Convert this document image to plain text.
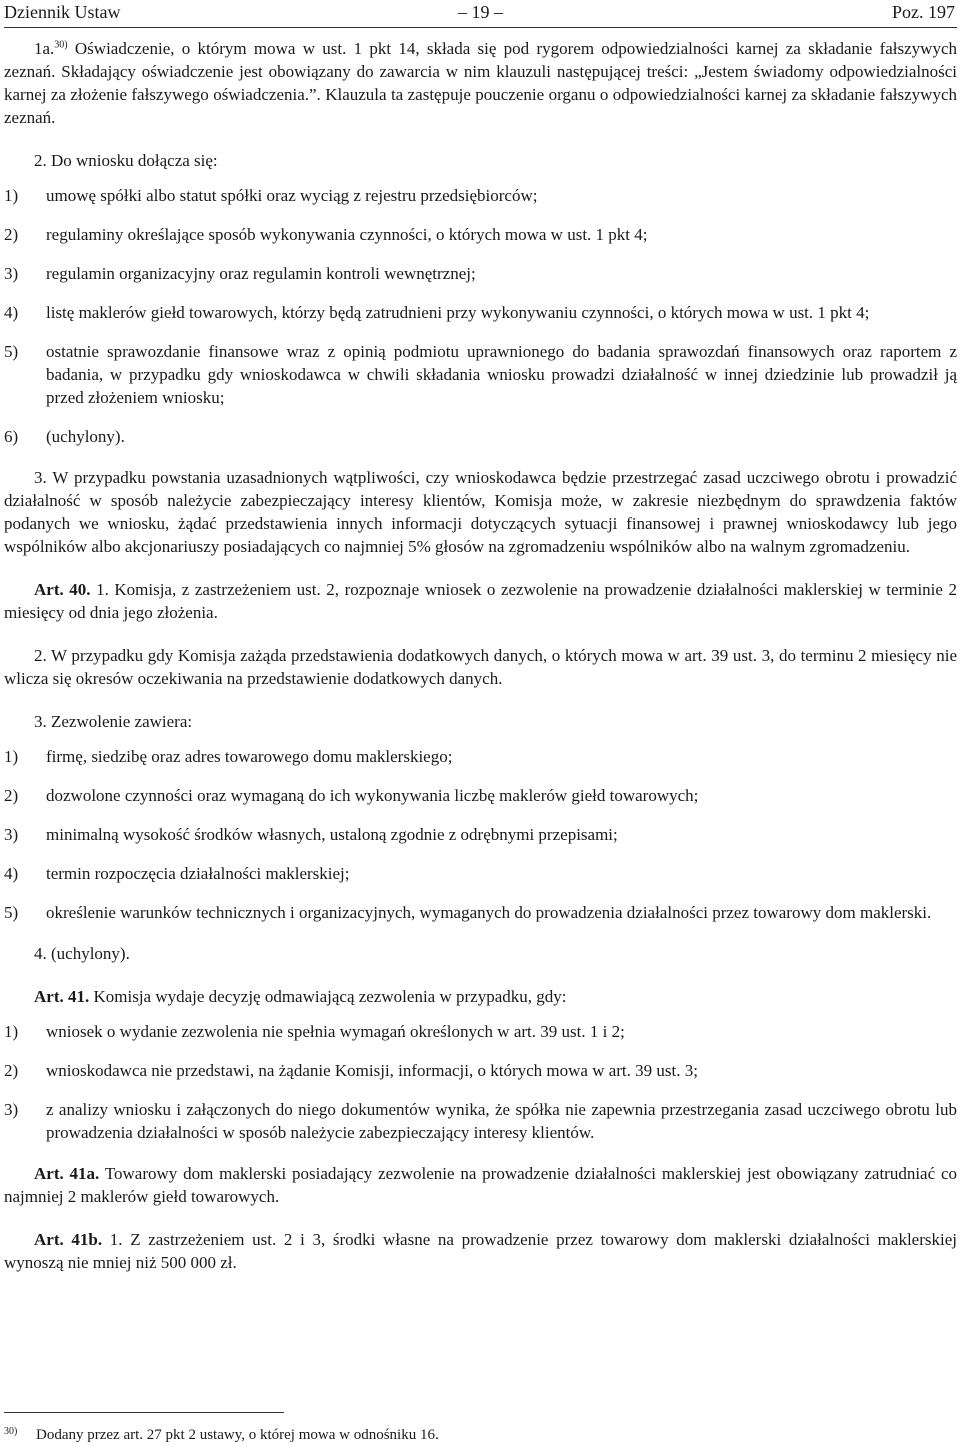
Dziennik Ustaw	– 19 –	Poz. 197

1a.$^{30)}$ Oświadczenie, o którym mowa w ust. 1 pkt 14, składa się pod rygorem odpowiedzialności karnej za składanie fałszywych zeznań. Składający oświadczenie jest obowiązany do zawarcia w nim klauzuli następującej treści: „Jestem świadomy odpowiedzialności karnej za złożenie fałszywego oświadczenia.”. Klauzula ta zastępuje pouczenie organu o odpowiedzialności karnej za składanie fałszywych zeznań.

2. Do wniosku dołącza się:

1)	umowę spółki albo statut spółki oraz wyciąg z rejestru przedsiębiorców;
2)	regulaminy określające sposób wykonywania czynności, o których mowa w ust. 1 pkt 4;
3)	regulamin organizacyjny oraz regulamin kontroli wewnętrznej;
4)	listę maklerów giełd towarowych, którzy będą zatrudnieni przy wykonywaniu czynności, o których mowa w ust. 1 pkt 4;
5)	ostatnie sprawozdanie finansowe wraz z opinią podmiotu uprawnionego do badania sprawozdań finansowych oraz raportem z badania, w przypadku gdy wnioskodawca w chwili składania wniosku prowadzi działalność w innej dziedzinie lub prowadził ją przed złożeniem wniosku;
6)	(uchylony).

3. W przypadku powstania uzasadnionych wątpliwości, czy wnioskodawca będzie przestrzegać zasad uczciwego obrotu i prowadzić działalność w sposób należycie zabezpieczający interesy klientów, Komisja może, w zakresie niezbędnym do sprawdzenia faktów podanych we wniosku, żądać przedstawienia innych informacji dotyczących sytuacji finansowej i prawnej wnioskodawcy lub jego wspólników albo akcjonariuszy posiadających co najmniej 5% głosów na zgromadzeniu wspólników albo na walnym zgromadzeniu.

Art. 40. 1. Komisja, z zastrzeżeniem ust. 2, rozpoznaje wniosek o zezwolenie na prowadzenie działalności maklerskiej w terminie 2 miesięcy od dnia jego złożenia.

2. W przypadku gdy Komisja zażąda przedstawienia dodatkowych danych, o których mowa w art. 39 ust. 3, do terminu 2 miesięcy nie wlicza się okresów oczekiwania na przedstawienie dodatkowych danych.

3. Zezwolenie zawiera:

1)	firmę, siedzibę oraz adres towarowego domu maklerskiego;
2)	dozwolone czynności oraz wymaganą do ich wykonywania liczbę maklerów giełd towarowych;
3)	minimalną wysokość środków własnych, ustaloną zgodnie z odrębnymi przepisami;
4)	termin rozpoczęcia działalności maklerskiej;
5)	określenie warunków technicznych i organizacyjnych, wymaganych do prowadzenia działalności przez towarowy dom maklerski.

4. (uchylony).

Art. 41. Komisja wydaje decyzję odmawiającą zezwolenia w przypadku, gdy:

1)	wniosek o wydanie zezwolenia nie spełnia wymagań określonych w art. 39 ust. 1 i 2;
2)	wnioskodawca nie przedstawi, na żądanie Komisji, informacji, o których mowa w art. 39 ust. 3;
3)	z analizy wniosku i załączonych do niego dokumentów wynika, że spółka nie zapewnia przestrzegania zasad uczciwego obrotu lub prowadzenia działalności w sposób należycie zabezpieczający interesy klientów.

Art. 41a. Towarowy dom maklerski posiadający zezwolenie na prowadzenie działalności maklerskiej jest obowiązany zatrudniać co najmniej 2 maklerów giełd towarowych.

Art. 41b. 1. Z zastrzeżeniem ust. 2 i 3, środki własne na prowadzenie przez towarowy dom maklerski działalności maklerskiej wynoszą nie mniej niż 500 000 zł.

30)	Dodany przez art. 27 pkt 2 ustawy, o której mowa w odnośniku 16.
